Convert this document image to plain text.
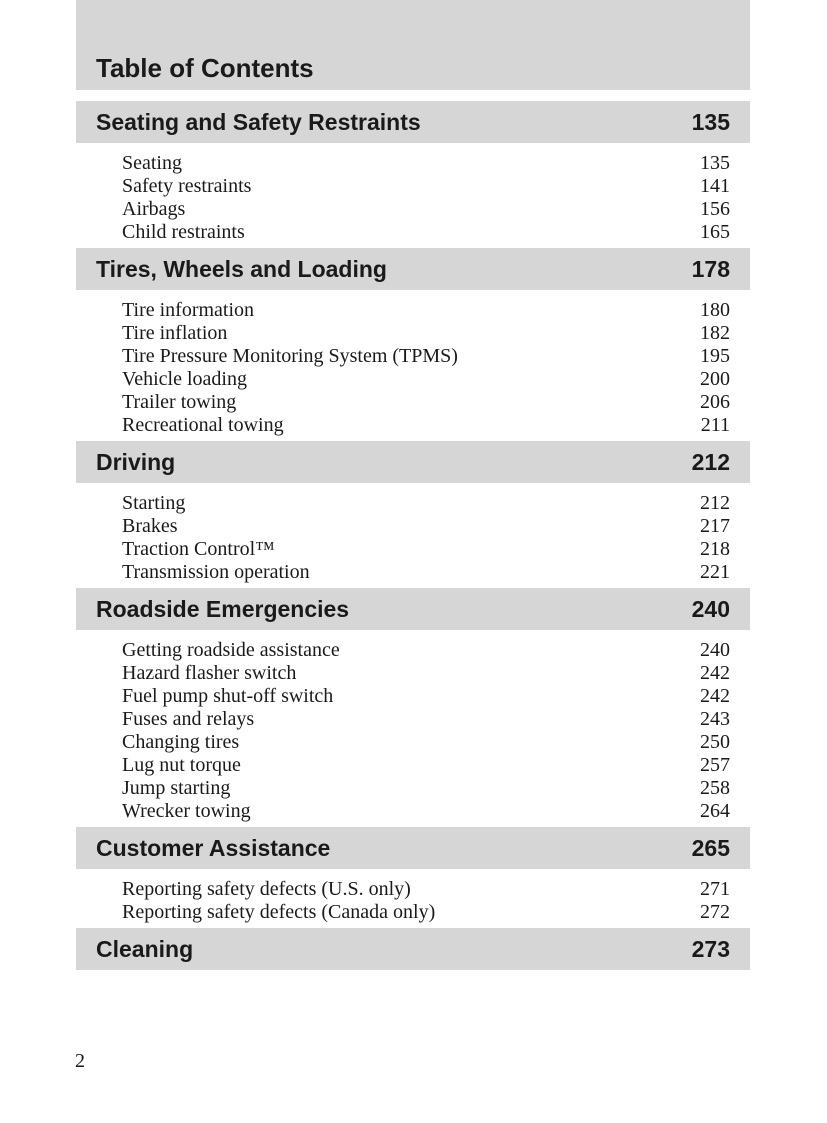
Table of Contents
Seating and Safety Restraints	135
Seating	135
Safety restraints	141
Airbags	156
Child restraints	165
Tires, Wheels and Loading	178
Tire information	180
Tire inflation	182
Tire Pressure Monitoring System (TPMS)	195
Vehicle loading	200
Trailer towing	206
Recreational towing	211
Driving	212
Starting	212
Brakes	217
Traction Control™	218
Transmission operation	221
Roadside Emergencies	240
Getting roadside assistance	240
Hazard flasher switch	242
Fuel pump shut-off switch	242
Fuses and relays	243
Changing tires	250
Lug nut torque	257
Jump starting	258
Wrecker towing	264
Customer Assistance	265
Reporting safety defects (U.S. only)	271
Reporting safety defects (Canada only)	272
Cleaning	273
2
